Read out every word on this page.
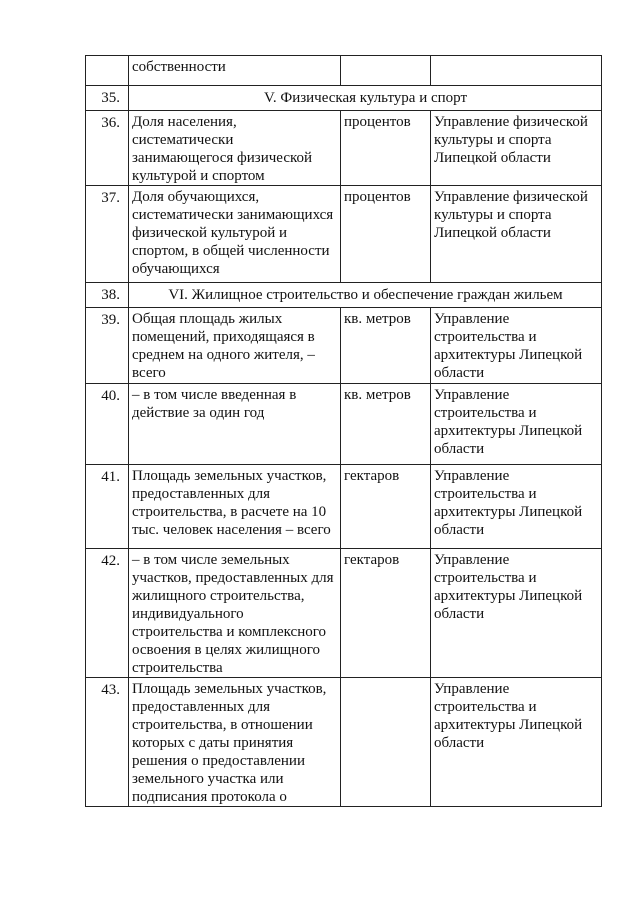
	собственности		

35.	V. Физическая культура и спорт		
36.	Доля населения, систематически занимающегося физической культурой и спортом	процентов	Управление физической культуры и спорта Липецкой области

37.	Доля обучающихся, систематически занимающихся физической культурой и спортом, в общей численности обучающихся	процентов	Управление физической культуры и спорта Липецкой области

38.	VI. Жилищное строительство и обеспечение граждан жильем		
39.	Общая площадь жилых помещений, приходящаяся в среднем на одного жителя, – всего	кв. метров	Управление строительства и архитектуры Липецкой области

40.	– в том числе введенная в действие за один год	кв. метров	Управление строительства и архитектуры Липецкой области

41.	Площадь земельных участков, предоставленных для строительства, в расчете на 10 тыс. человек населения – всего	гектаров	Управление строительства и архитектуры Липецкой области

42.	– в том числе земельных участков, предоставленных для жилищного строительства, индивидуального строительства и комплексного освоения в целях жилищного строительства	гектаров	Управление строительства и архитектуры Липецкой области

43.	Площадь земельных участков, предоставленных для строительства, в отношении которых с даты принятия решения о предоставлении земельного участка или подписания протокола о		Управление строительства и архитектуры Липецкой области
